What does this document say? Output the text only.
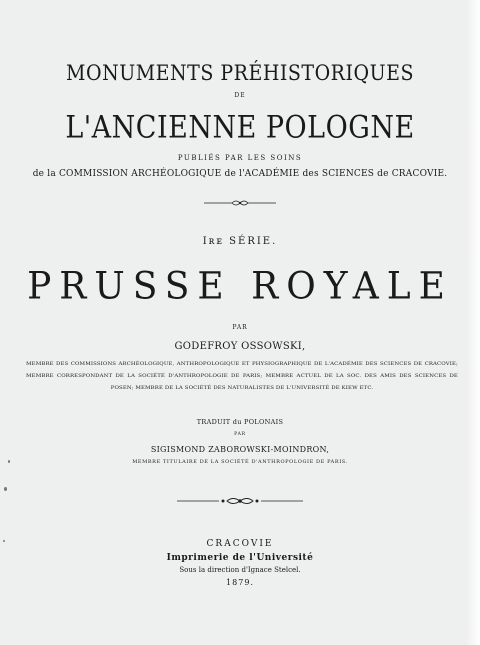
MONUMENTS PRÉHISTORIQUES
DE
L'ANCIENNE POLOGNE
PUBLIÉS PAR LES SOINS
de la COMMISSION ARCHÉOLOGIQUE de l'ACADÉMIE des SCIENCES de CRACOVIE.
Iʀᴇ SÉRIE.
PRUSSE ROYALE
PAR
GODEFROY OSSOWSKI,
MEMBRE DES COMMISSIONS ARCHÉOLOGIQUE, ANTHROPOLOGIQUE ET PHYSIOGRAPHIQUE DE L'ACADÉMIE DES SCIENCES DE CRACOVIE; MEMBRE CORRESPONDANT DE LA SOCIÉTÉ D'ANTHROPOLOGIE DE PARIS; MEMBRE ACTUEL DE LA SOC. DES AMIS DES SCIENCES DE POSEN; MEMBRE DE LA SOCIÉTÉ DES NATURALISTES DE L'UNIVERSITÉ DE KIEW ETC.
TRADUIT du POLONAIS
PAR
SIGISMOND ZABOROWSKI-MOINDRON,
MEMBRE TITULAIRE DE LA SOCIÉTÉ D'ANTHROPOLOGIE DE PARIS.
CRACOVIE
Imprimerie de l'Université
Sous la direction d'Ignace Stelcel.
1879.
